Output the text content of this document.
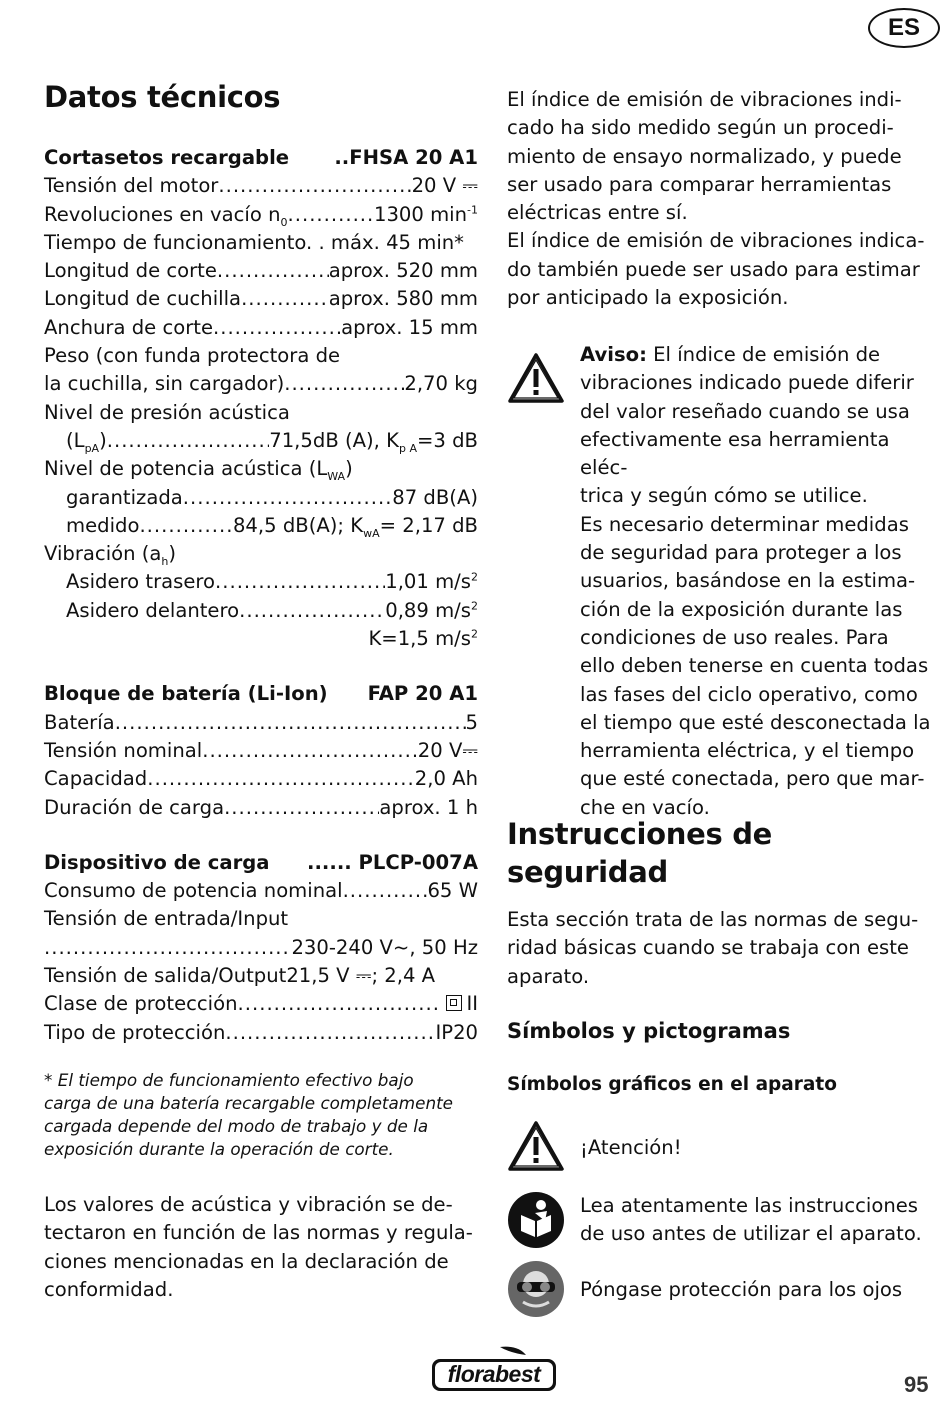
ES
Datos técnicos
Cortasetos recargable	..FHSA 20 A1
Tensión del motor .....	20 V ⎓
Revoluciones en vacío $n_0$ .....	1300 $\min^{-1}$
Tiempo de funcionamiento. . máx. 45 min*
Longitud de corte .....	aprox. 520 mm
Longitud de cuchilla .....	aprox. 580 mm
Anchura de corte .....	aprox. 15 mm
Peso (con funda protectora de
la cuchilla, sin cargador) .....	2,70 kg
Nivel de presión acústica
$(L_{pA})$ .....	71,5dB (A), $K_{p A}=3$ dB
Nivel de potencia acústica $(L_{WA})$
garantizada .....	87 dB(A)
medido .....	84,5 dB(A); $K_{wA}= 2,17$ dB
Vibración $(a_h)$
Asidero trasero .....	1,01 $m/s^2$
Asidero delantero .....	0,89 $m/s^2$
K=1,5 $m/s^2$
Bloque de batería (Li-Ion)	FAP 20 A1
Batería .....	5
Tensión nominal .....	20 V⎓
Capacidad .....	2,0 Ah
Duración de carga .....	aprox. 1 h
Dispositivo de carga	...... PLCP-007A
Consumo de potencia nominal .....	65 W
Tensión de entrada/Input
.....
230-240 V~, 50 Hz
Tensión de salida/Output 21,5 V ⎓; 2,4 A
Clase de protección .....	II
Tipo de protección .....	IP20
* El tiempo de funcionamiento efectivo bajo
carga de una batería recargable completamente
cargada depende del modo de trabajo y de la
exposición durante la operación de corte.
Los valores de acústica y vibración se de-
tectaron en función de las normas y regula-
ciones mencionadas en la declaración de
conformidad.
El índice de emisión de vibraciones indi-
cado ha sido medido según un procedi-
miento de ensayo normalizado, y puede
ser usado para comparar herramientas
eléctricas entre sí.
El índice de emisión de vibraciones indica-
do también puede ser usado para estimar
por anticipado la exposición.
Aviso: El índice de emisión de
vibraciones indicado puede diferir
del valor reseñado cuando se usa
efectivamente esa herramienta eléc-
trica y según cómo se utilice.
Es necesario determinar medidas
de seguridad para proteger a los
usuarios, basándose en la estima-
ción de la exposición durante las
condiciones de uso reales. Para
ello deben tenerse en cuenta todas
las fases del ciclo operativo, como
el tiempo que esté desconectada la
herramienta eléctrica, y el tiempo
que esté conectada, pero que mar-
che en vacío.
Instrucciones de
seguridad
Esta sección trata de las normas de segu-
ridad básicas cuando se trabaja con este
aparato.
Símbolos y pictogramas
Símbolos gráficos en el aparato
¡Atención!
Lea atentamente las instrucciones
de uso antes de utilizar el aparato.
Póngase protección para los ojos
florabest	95
